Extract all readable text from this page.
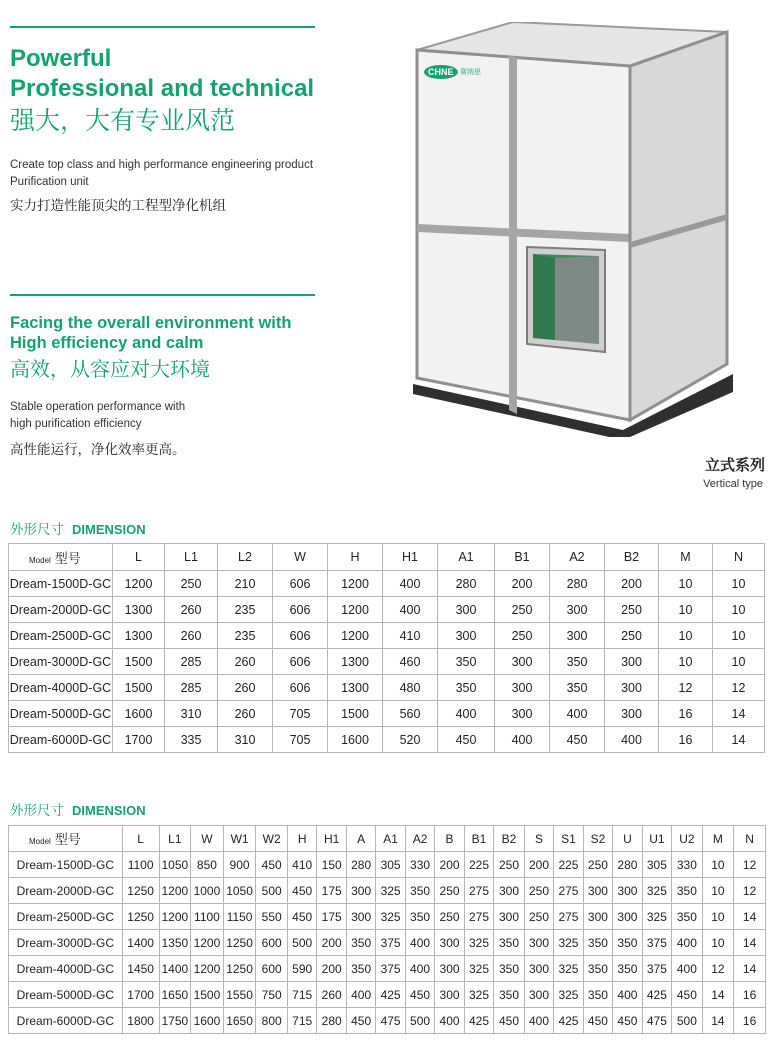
Powerful
Professional and technical
强大，大有专业风范
Create top class and high performance engineering product
Purification unit
实力打造性能顶尖的工程型净化机组
Facing the overall environment with
High efficiency and calm
高效，从容应对大环境
Stable operation performance with
high purification efficiency
高性能运行，净化效率更高。
CHNE 赛纳思
立式系列
Vertical type
外形尺寸 DIMENSION
Model 型号	L	L1	L2	W	H	H1	A1	B1	A2	B2	M	N
Dream-1500D-GC	1200	250	210	606	1200	400	280	200	280	200	10	10
Dream-2000D-GC	1300	260	235	606	1200	400	300	250	300	250	10	10
Dream-2500D-GC	1300	260	235	606	1200	410	300	250	300	250	10	10
Dream-3000D-GC	1500	285	260	606	1300	460	350	300	350	300	10	10
Dream-4000D-GC	1500	285	260	606	1300	480	350	300	350	300	12	12
Dream-5000D-GC	1600	310	260	705	1500	560	400	300	400	300	16	14
Dream-6000D-GC	1700	335	310	705	1600	520	450	400	450	400	16	14
外形尺寸 DIMENSION
Model 型号	L	L1	W	W1	W2	H	H1	A	A1	A2	B	B1	B2	S	S1	S2	U	U1	U2	M	N
Dream-1500D-GC	1100	1050	850	900	450	410	150	280	305	330	200	225	250	200	225	250	280	305	330	10	12
Dream-2000D-GC	1250	1200	1000	1050	500	450	175	300	325	350	250	275	300	250	275	300	300	325	350	10	12
Dream-2500D-GC	1250	1200	1100	1150	550	450	175	300	325	350	250	275	300	250	275	300	300	325	350	10	14
Dream-3000D-GC	1400	1350	1200	1250	600	500	200	350	375	400	300	325	350	300	325	350	350	375	400	10	14
Dream-4000D-GC	1450	1400	1200	1250	600	590	200	350	375	400	300	325	350	300	325	350	350	375	400	12	14
Dream-5000D-GC	1700	1650	1500	1550	750	715	260	400	425	450	300	325	350	300	325	350	400	425	450	14	16
Dream-6000D-GC	1800	1750	1600	1650	800	715	280	450	475	500	400	425	450	400	425	450	450	475	500	14	16
